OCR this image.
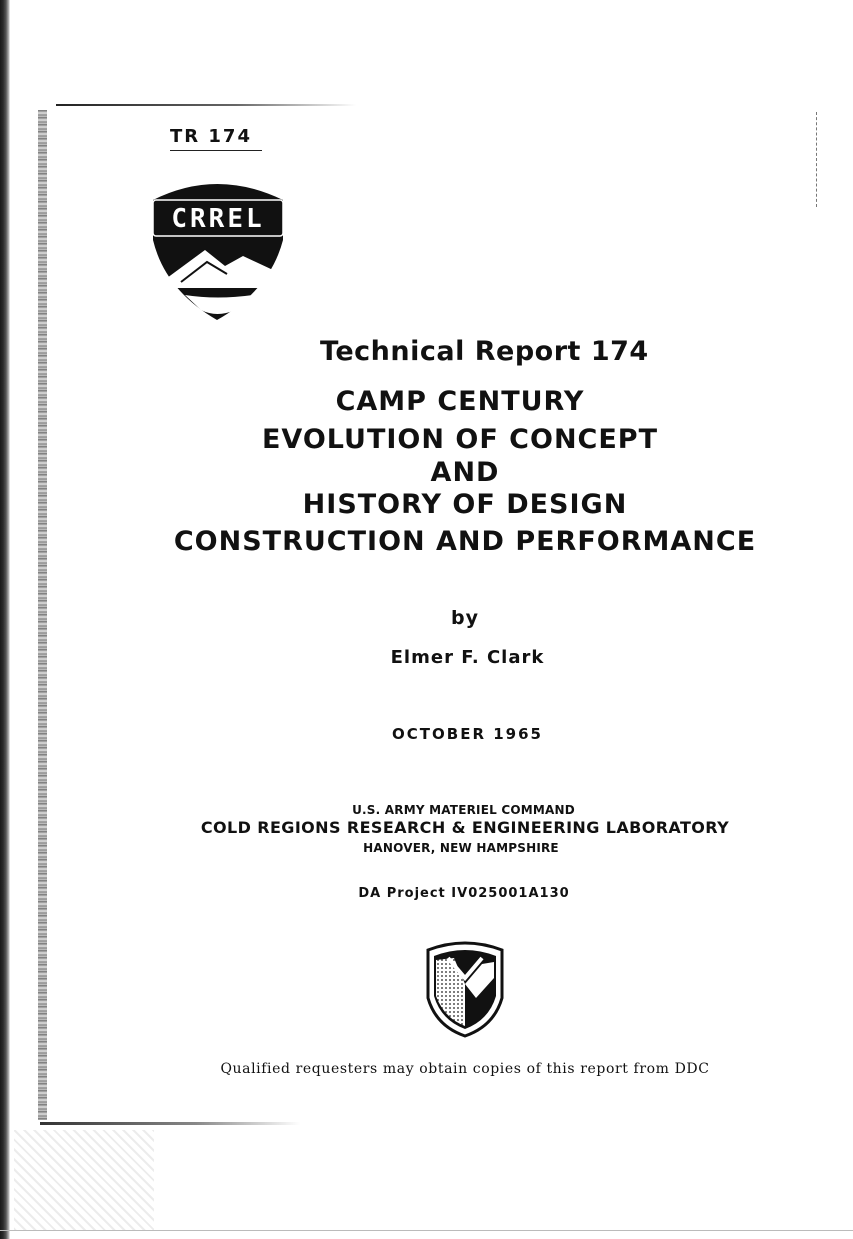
TR 174
CRREL
Technical Report 174
CAMP CENTURY
EVOLUTION OF CONCEPT
AND
HISTORY OF DESIGN
CONSTRUCTION AND PERFORMANCE
by
Elmer F. Clark
OCTOBER 1965
U.S. ARMY MATERIEL COMMAND
COLD REGIONS RESEARCH & ENGINEERING LABORATORY
HANOVER, NEW HAMPSHIRE
DA Project IV025001A130
Qualified requesters may obtain copies of this report from DDC
